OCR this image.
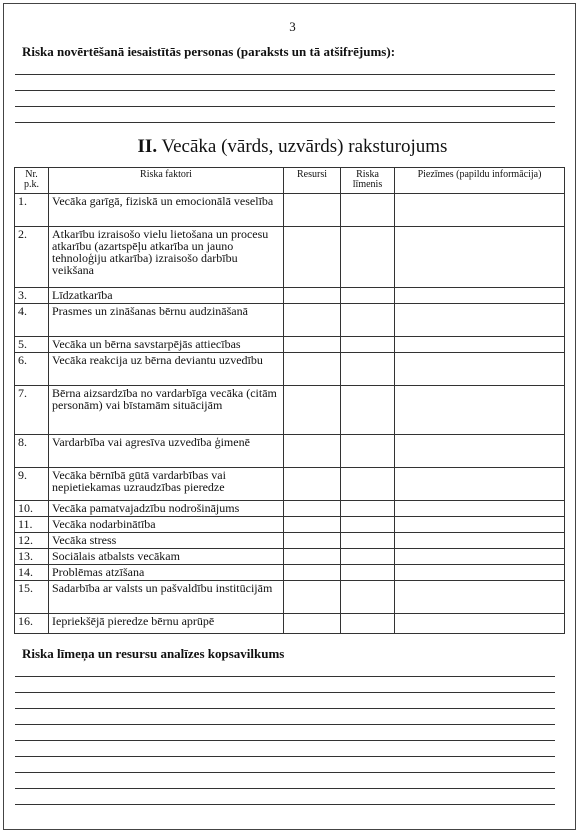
3
Riska novērtēšanā iesaistītās personas (paraksts un tā atšifrējums):
II. Vecāka (vārds, uzvārds) raksturojums
Nr. p.k.	Riska faktori	Resursi	Riska līmenis	Piezīmes (papildu informācija)
1.	Vecāka garīgā, fiziskā un emocionālā veselība			
2.	Atkarību izraisošo vielu lietošana un procesu atkarību (azartspēļu atkarība un jauno tehnoloģiju atkarība) izraisošo darbību veikšana			
3.	Līdzatkarība			
4.	Prasmes un zināšanas bērnu audzināšanā			
5.	Vecāka un bērna savstarpējās attiecības			
6.	Vecāka reakcija uz bērna deviantu uzvedību			
7.	Bērna aizsardzība no vardarbīga vecāka (citām personām) vai bīstamām situācijām			
8.	Vardarbība vai agresīva uzvedība ģimenē			
9.	Vecāka bērnībā gūtā vardarbības vai nepietiekamas uzraudzības pieredze			
10.	Vecāka pamatvajadzību nodrošinājums			
11.	Vecāka nodarbinātība			
12.	Vecāka stress			
13.	Sociālais atbalsts vecākam			
14.	Problēmas atzīšana			
15.	Sadarbība ar valsts un pašvaldību institūcijām			
16.	Iepriekšējā pieredze bērnu aprūpē			
Riska līmeņa un resursu analīzes kopsavilkums
